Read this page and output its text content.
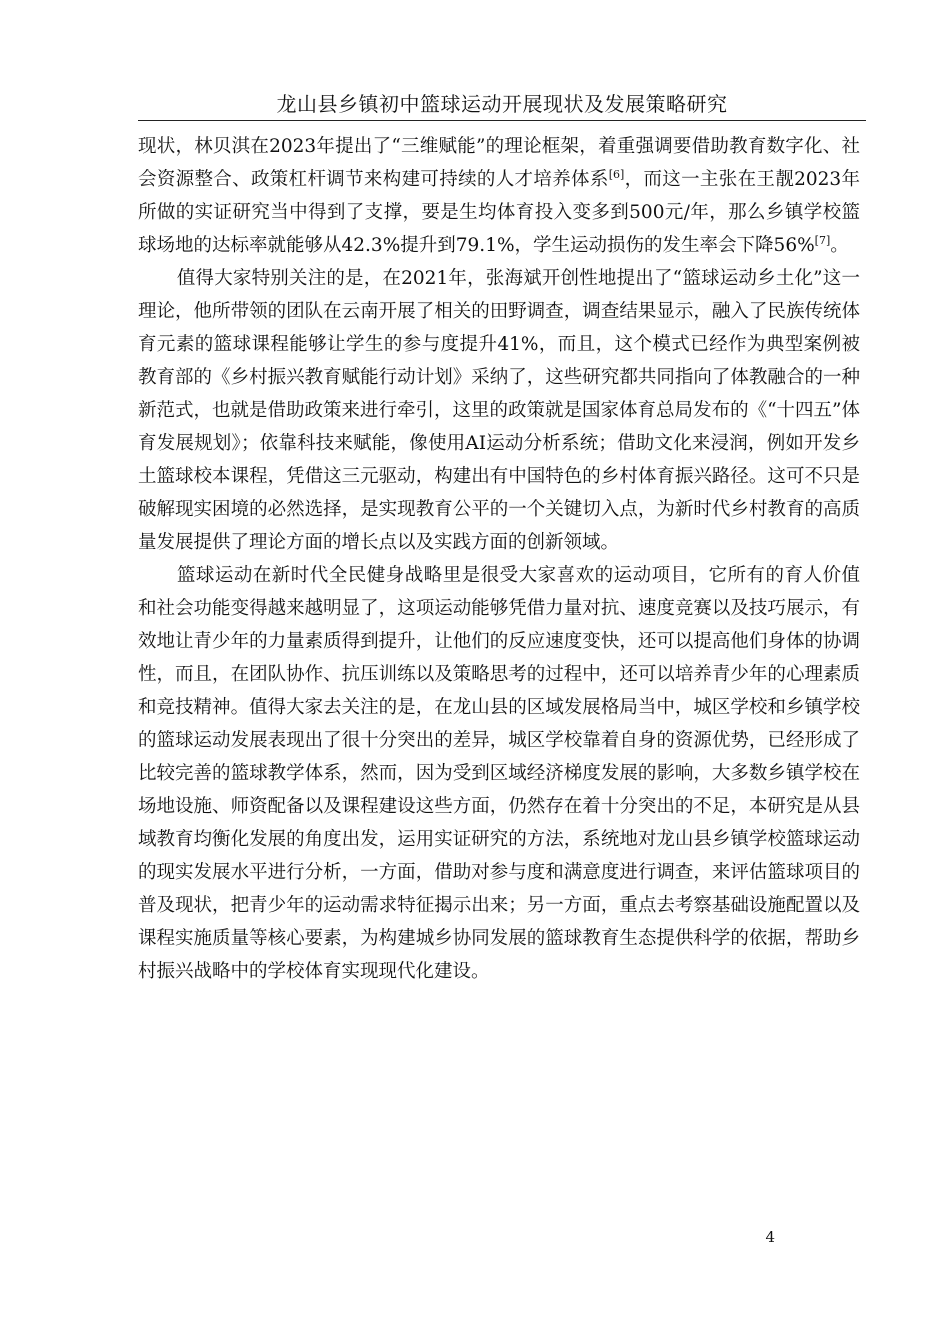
龙山县乡镇初中篮球运动开展现状及发展策略研究

现状，林贝淇在2023年提出了“三维赋能”的理论框架，着重强调要借助教育数字化、社会资源整合、政策杠杆调节来构建可持续的人才培养体系[6]，而这一主张在王靓2023年所做的实证研究当中得到了支撑，要是生均体育投入变多到500元/年，那么乡镇学校篮球场地的达标率就能够从42.3%提升到79.1%，学生运动损伤的发生率会下降56%[7]。

值得大家特别关注的是，在2021年，张海斌开创性地提出了“篮球运动乡土化”这一理论，他所带领的团队在云南开展了相关的田野调查，调查结果显示，融入了民族传统体育元素的篮球课程能够让学生的参与度提升41%，而且，这个模式已经作为典型案例被教育部的《乡村振兴教育赋能行动计划》采纳了，这些研究都共同指向了体教融合的一种新范式，也就是借助政策来进行牵引，这里的政策就是国家体育总局发布的《“十四五”体育发展规划》；依靠科技来赋能，像使用AI运动分析系统；借助文化来浸润，例如开发乡土篮球校本课程，凭借这三元驱动，构建出有中国特色的乡村体育振兴路径。这可不只是破解现实困境的必然选择，是实现教育公平的一个关键切入点，为新时代乡村教育的高质量发展提供了理论方面的增长点以及实践方面的创新领域。

篮球运动在新时代全民健身战略里是很受大家喜欢的运动项目，它所有的育人价值和社会功能变得越来越明显了，这项运动能够凭借力量对抗、速度竞赛以及技巧展示，有效地让青少年的力量素质得到提升，让他们的反应速度变快，还可以提高他们身体的协调性，而且，在团队协作、抗压训练以及策略思考的过程中，还可以培养青少年的心理素质和竞技精神。值得大家去关注的是，在龙山县的区域发展格局当中，城区学校和乡镇学校的篮球运动发展表现出了很十分突出的差异，城区学校靠着自身的资源优势，已经形成了比较完善的篮球教学体系，然而，因为受到区域经济梯度发展的影响，大多数乡镇学校在场地设施、师资配备以及课程建设这些方面，仍然存在着十分突出的不足，本研究是从县域教育均衡化发展的角度出发，运用实证研究的方法，系统地对龙山县乡镇学校篮球运动的现实发展水平进行分析，一方面，借助对参与度和满意度进行调查，来评估篮球项目的普及现状，把青少年的运动需求特征揭示出来；另一方面，重点去考察基础设施配置以及课程实施质量等核心要素，为构建城乡协同发展的篮球教育生态提供科学的依据，帮助乡村振兴战略中的学校体育实现现代化建设。

4
